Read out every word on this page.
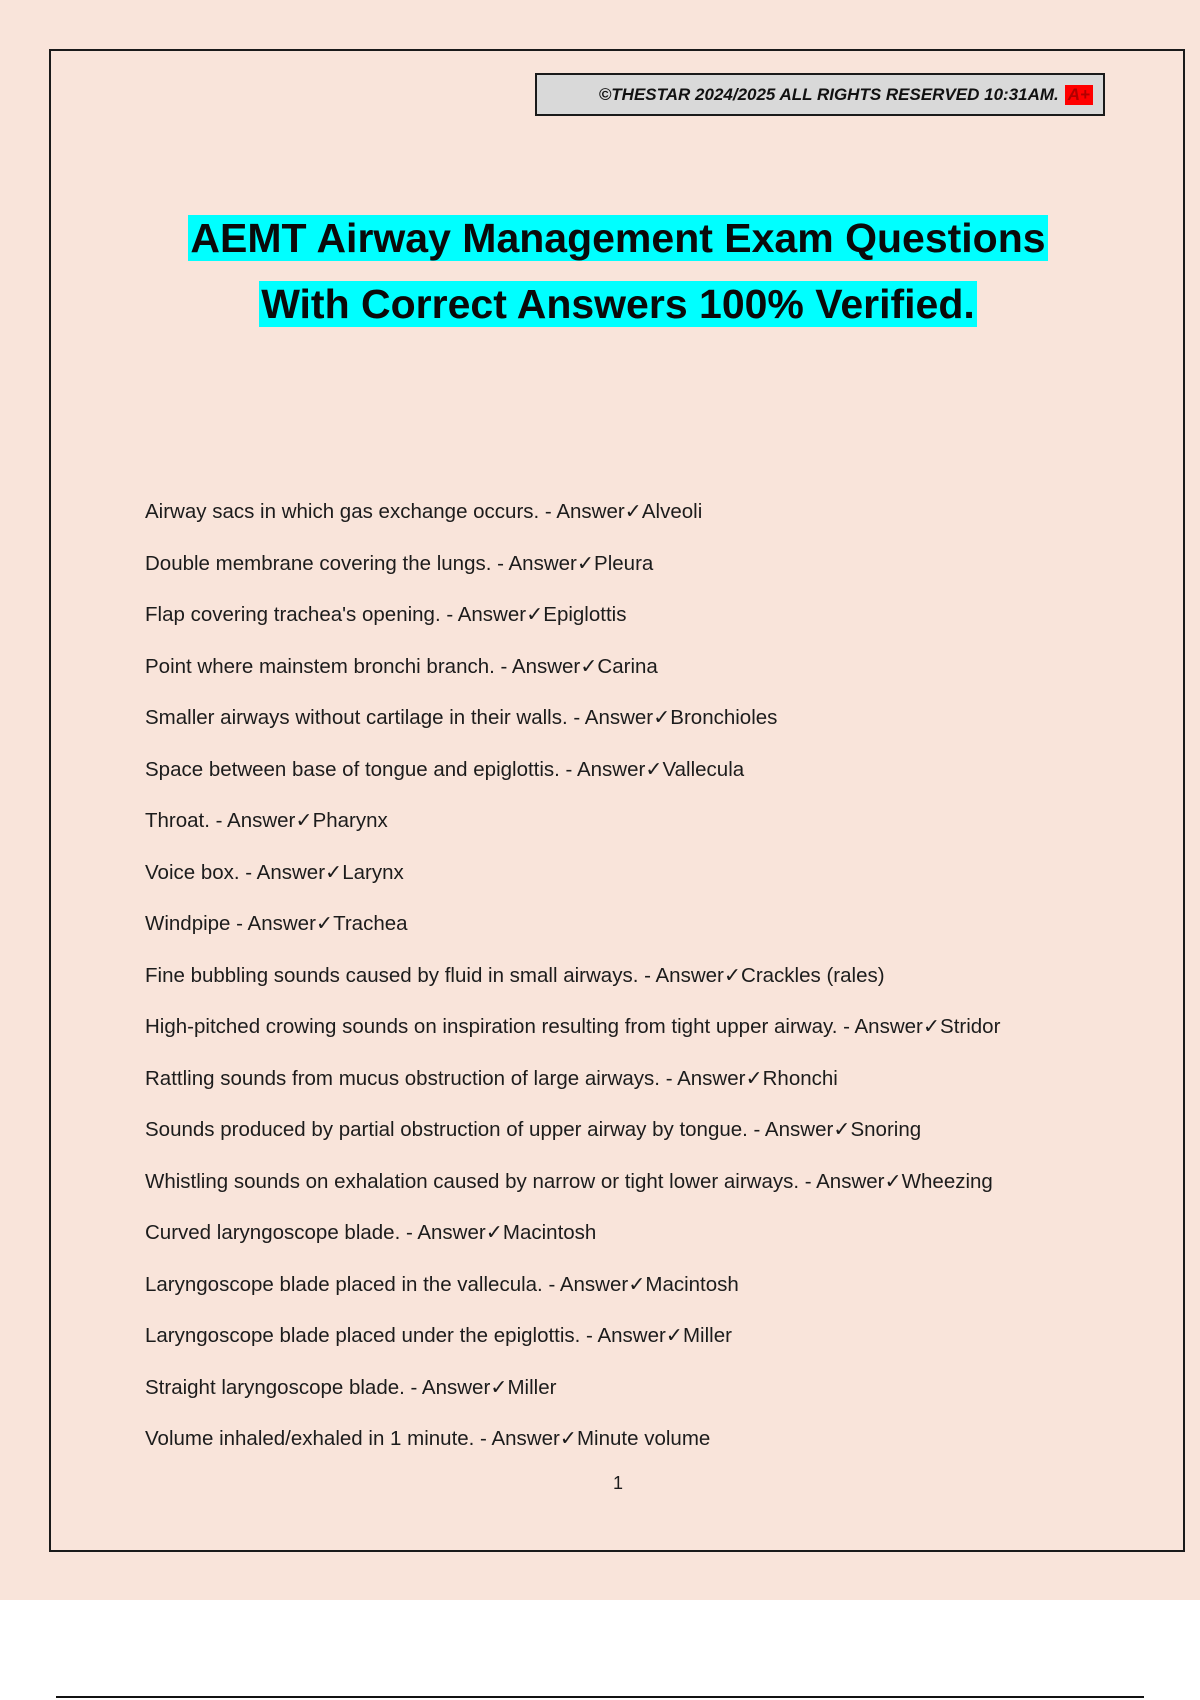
©THESTAR 2024/2025 ALL RIGHTS RESERVED 10:31AM. A+
AEMT Airway Management Exam Questions
With Correct Answers 100% Verified.
Airway sacs in which gas exchange occurs. - Answer✓Alveoli
Double membrane covering the lungs. - Answer✓Pleura
Flap covering trachea's opening. - Answer✓Epiglottis
Point where mainstem bronchi branch. - Answer✓Carina
Smaller airways without cartilage in their walls. - Answer✓Bronchioles
Space between base of tongue and epiglottis. - Answer✓Vallecula
Throat. - Answer✓Pharynx
Voice box. - Answer✓Larynx
Windpipe - Answer✓Trachea
Fine bubbling sounds caused by fluid in small airways. - Answer✓Crackles (rales)
High-pitched crowing sounds on inspiration resulting from tight upper airway. - Answer✓Stridor
Rattling sounds from mucus obstruction of large airways. - Answer✓Rhonchi
Sounds produced by partial obstruction of upper airway by tongue. - Answer✓Snoring
Whistling sounds on exhalation caused by narrow or tight lower airways. - Answer✓Wheezing
Curved laryngoscope blade. - Answer✓Macintosh
Laryngoscope blade placed in the vallecula. - Answer✓Macintosh
Laryngoscope blade placed under the epiglottis. - Answer✓Miller
Straight laryngoscope blade. - Answer✓Miller
Volume inhaled/exhaled in 1 minute. - Answer✓Minute volume
1
